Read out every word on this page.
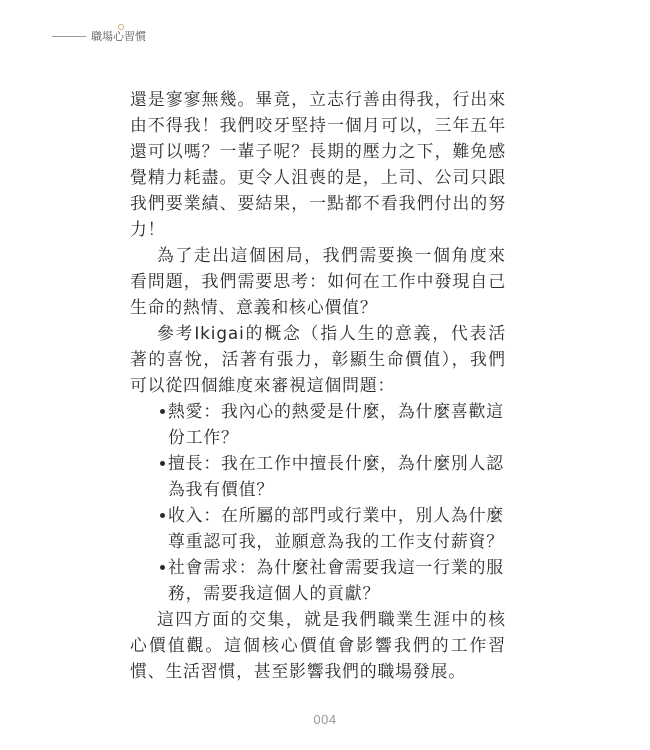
職場心習慣

還是寥寥無幾。畢竟，立志行善由得我，行出來由不得我！我們咬牙堅持一個月可以，三年五年還可以嗎？一輩子呢？長期的壓力之下，難免感覺精力耗盡。更令人沮喪的是，上司、公司只跟我們要業績、要結果，一點都不看我們付出的努力！

為了走出這個困局，我們需要換一個角度來看問題，我們需要思考：如何在工作中發現自己生命的熱情、意義和核心價值？

參考Ikigai的概念（指人生的意義，代表活著的喜悅，活著有張力，彰顯生命價值），我們可以從四個維度來審視這個問題：

熱愛：我內心的熱愛是什麼，為什麼喜歡這份工作？
擅長：我在工作中擅長什麼，為什麼別人認為我有價值？
收入：在所屬的部門或行業中，別人為什麼尊重認可我，並願意為我的工作支付薪資？
社會需求：為什麼社會需要我這一行業的服務，需要我這個人的貢獻？

這四方面的交集，就是我們職業生涯中的核心價值觀。這個核心價值會影響我們的工作習慣、生活習慣，甚至影響我們的職場發展。

004
